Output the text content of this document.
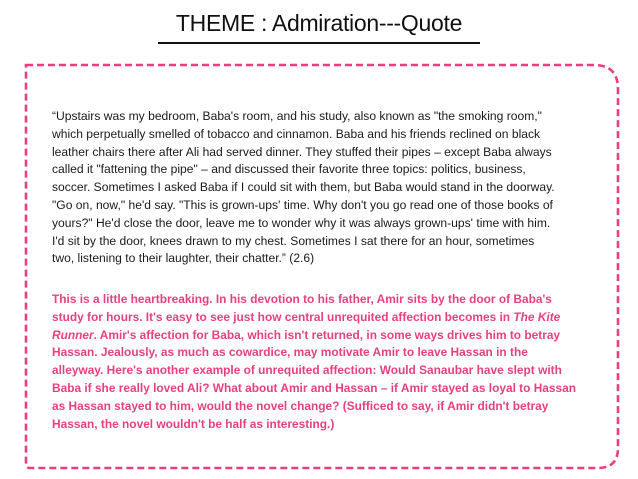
THEME : Admiration---Quote
“Upstairs was my bedroom, Baba's room, and his study, also known as "the smoking room,"
which perpetually smelled of tobacco and cinnamon. Baba and his friends reclined on black
leather chairs there after Ali had served dinner. They stuffed their pipes – except Baba always
called it "fattening the pipe" – and discussed their favorite three topics: politics, business,
soccer. Sometimes I asked Baba if I could sit with them, but Baba would stand in the doorway.
"Go on, now," he'd say. "This is grown-ups' time. Why don't you go read one of those books of
yours?" He'd close the door, leave me to wonder why it was always grown-ups' time with him.
I'd sit by the door, knees drawn to my chest. Sometimes I sat there for an hour, sometimes
two, listening to their laughter, their chatter.” (2.6)
This is a little heartbreaking. In his devotion to his father, Amir sits by the door of Baba's
study for hours. It's easy to see just how central unrequited affection becomes in The Kite
Runner. Amir's affection for Baba, which isn't returned, in some ways drives him to betray
Hassan. Jealously, as much as cowardice, may motivate Amir to leave Hassan in the
alleyway. Here's another example of unrequited affection: Would Sanaubar have slept with
Baba if she really loved Ali? What about Amir and Hassan – if Amir stayed as loyal to Hassan
as Hassan stayed to him, would the novel change? (Sufficed to say, if Amir didn't betray
Hassan, the novel wouldn't be half as interesting.)
